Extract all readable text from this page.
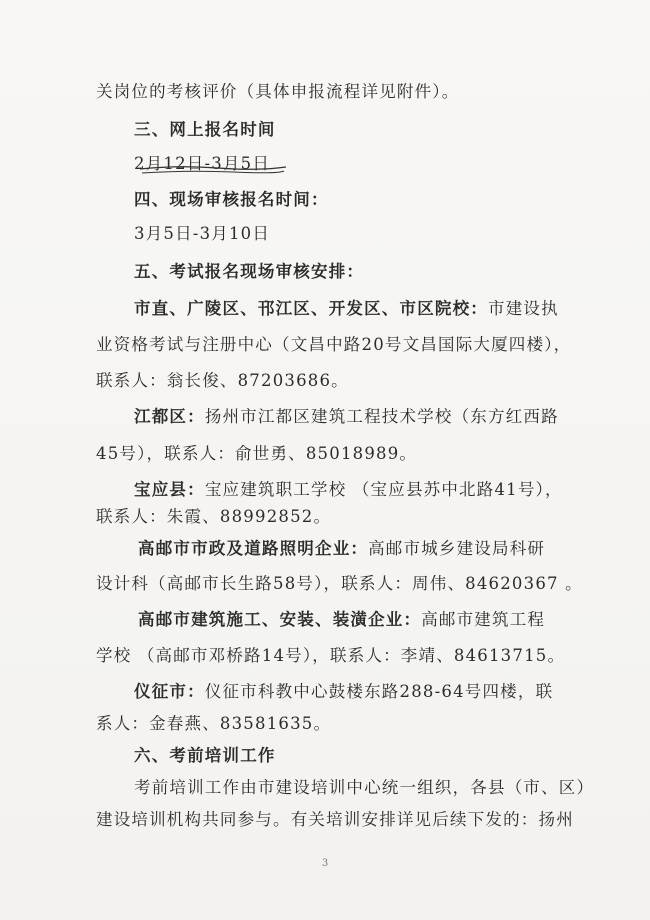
关岗位的考核评价（具体申报流程详见附件）。
三、网上报名时间
2月12日-3月5日
四、现场审核报名时间：
3月5日-3月10日
五、考试报名现场审核安排：
市直、广陵区、邗江区、开发区、市区院校：市建设执
业资格考试与注册中心（文昌中路20号文昌国际大厦四楼），
联系人：翁长俊、87203686。
江都区：扬州市江都区建筑工程技术学校（东方红西路
45号），联系人：俞世勇、85018989。
宝应县：宝应建筑职工学校 （宝应县苏中北路41号），
联系人：朱霞、88992852。
高邮市市政及道路照明企业：高邮市城乡建设局科研
设计科（高邮市长生路58号），联系人：周伟、84620367 。
高邮市建筑施工、安装、装潢企业：高邮市建筑工程
学校 （高邮市邓桥路14号），联系人：李靖、84613715。
仪征市：仪征市科教中心鼓楼东路288-64号四楼，联
系人：金春燕、83581635。
六、考前培训工作
考前培训工作由市建设培训中心统一组织，各县（市、区）
建设培训机构共同参与。有关培训安排详见后续下发的：扬州
3
